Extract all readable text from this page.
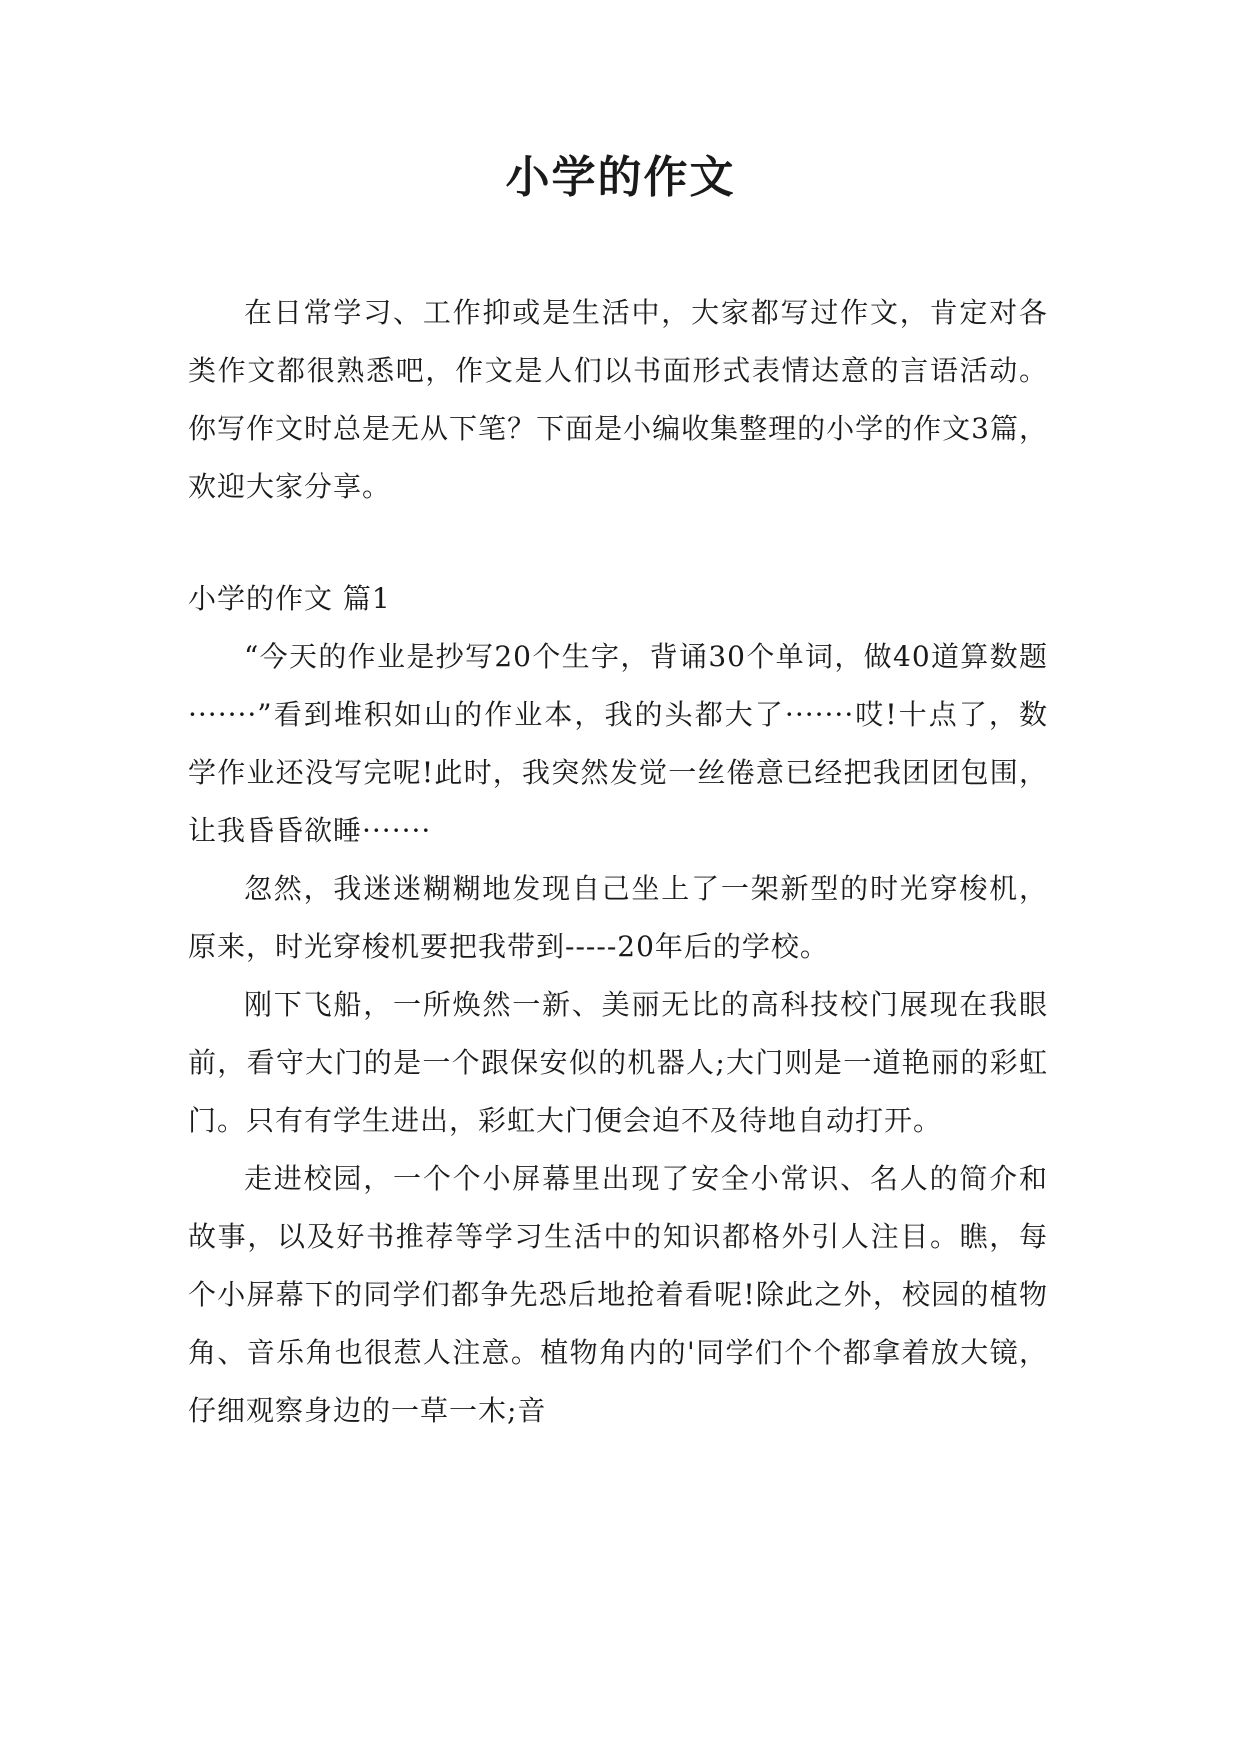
小学的作文

在日常学习、工作抑或是生活中，大家都写过作文，肯定对各类作文都很熟悉吧，作文是人们以书面形式表情达意的言语活动。你写作文时总是无从下笔？下面是小编收集整理的小学的作文3篇，欢迎大家分享。

小学的作文 篇1

“今天的作业是抄写20个生字，背诵30个单词，做40道算数题·······”看到堆积如山的作业本，我的头都大了·······哎!十点了，数学作业还没写完呢!此时，我突然发觉一丝倦意已经把我团团包围，让我昏昏欲睡·······

忽然，我迷迷糊糊地发现自己坐上了一架新型的时光穿梭机，原来，时光穿梭机要把我带到-----20年后的学校。

刚下飞船，一所焕然一新、美丽无比的高科技校门展现在我眼前，看守大门的是一个跟保安似的机器人;大门则是一道艳丽的彩虹门。只有有学生进出，彩虹大门便会迫不及待地自动打开。

走进校园，一个个小屏幕里出现了安全小常识、名人的简介和故事，以及好书推荐等学习生活中的知识都格外引人注目。瞧，每个小屏幕下的同学们都争先恐后地抢着看呢!除此之外，校园的植物角、音乐角也很惹人注意。植物角内的'同学们个个都拿着放大镜，仔细观察身边的一草一木;音
